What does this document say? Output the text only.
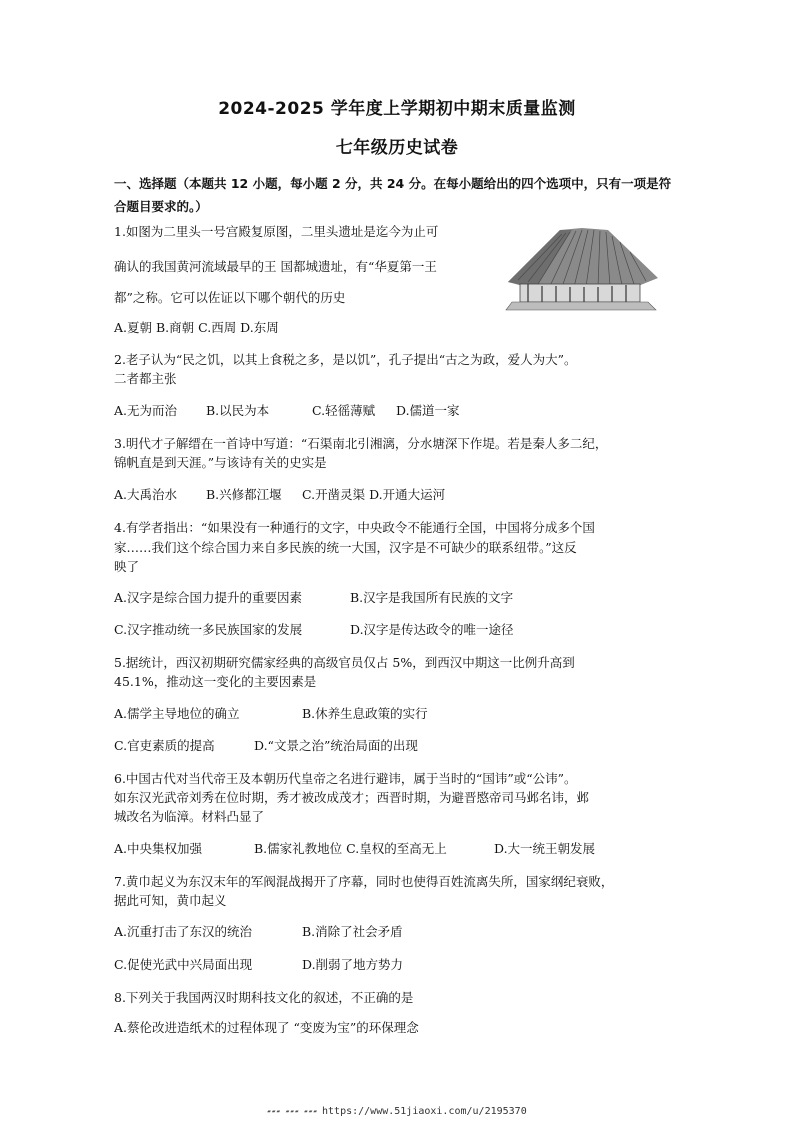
2024-2025 学年度上学期初中期末质量监测
七年级历史试卷
一、选择题（本题共 12 小题，每小题 2 分，共 24 分。在每小题给出的四个选项中，只有一项是符合题目要求的。）
1.如图为二里头一号宫殿复原图，二里头遗址是迄今为止可
确认的我国黄河流域最早的王 国都城遗址，有“华夏第一王
都”之称。它可以佐证以下哪个朝代的历史
A.夏朝 B.商朝 C.西周 D.东周
2.老子认为“民之饥，以其上食税之多，是以饥”，孔子提出“古之为政，爱人为大”。
二者都主张
A.无为而治 B.以民为本	C.轻徭薄赋 D.儒道一家
3.明代才子解缙在一首诗中写道：“石渠南北引湘漓，分水塘深下作堤。若是秦人多二纪，
锦帆直是到天涯。”与该诗有关的史实是
A.大禹治水 B.兴修都江堰 C.开凿灵渠 D.开通大运河
4.有学者指出：“如果没有一种通行的文字，中央政令不能通行全国，中国将分成多个国
家……我们这个综合国力来自多民族的统一大国，汉字是不可缺少的联系纽带。”这反
映了
A.汉字是综合国力提升的重要因素	B.汉字是我国所有民族的文字
C.汉字推动统一多民族国家的发展	D.汉字是传达政令的唯一途径
5.据统计，西汉初期研究儒家经典的高级官员仅占 5%，到西汉中期这一比例升高到
45.1%，推动这一变化的主要因素是
A.儒学主导地位的确立	B.休养生息政策的实行
C.官吏素质的提高	D.“文景之治”统治局面的出现
6.中国古代对当代帝王及本朝历代皇帝之名进行避讳，属于当时的“国讳”或“公讳”。
如东汉光武帝刘秀在位时期，秀才被改成茂才；西晋时期，为避晋愍帝司马邺名讳，邺
城改名为临漳。材料凸显了
A.中央集权加强	B.儒家礼教地位 C.皇权的至高无上	D.大一统王朝发展
7.黄巾起义为东汉末年的军阀混战揭开了序幕，同时也使得百姓流离失所，国家纲纪衰败，
据此可知，黄巾起义
A.沉重打击了东汉的统治	B.消除了社会矛盾
C.促使光武中兴局面出现	D.削弱了地方势力
8.下列关于我国两汉时期科技文化的叙述，不正确的是
A.蔡伦改进造纸术的过程体现了 “变废为宝”的环保理念
▰▰▰ ▰▰▰ ▰▰▰ https://www.51jiaoxi.com/u/2195370
